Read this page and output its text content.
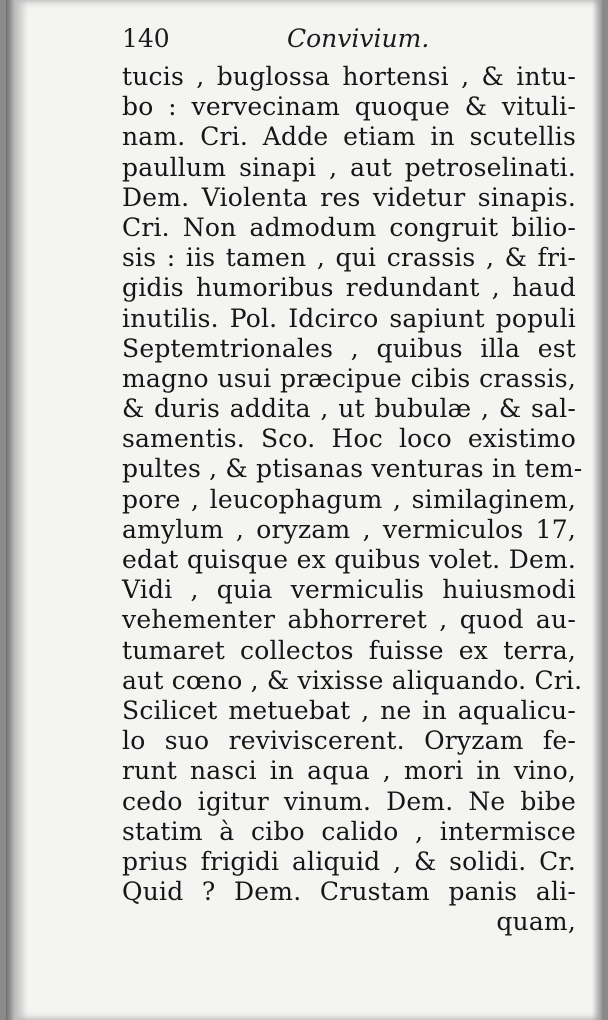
140	Convivium.
tucis , buglossa hortensi , & intu-
bo : vervecinam quoque & vituli-
nam. Cri. Adde etiam in scutellis
paullum sinapi , aut petroselinati.
Dem. Violenta res videtur sinapis.
Cri. Non admodum congruit bilio-
sis : iis tamen , qui crassis , & fri-
gidis humoribus redundant , haud
inutilis. Pol. Idcirco sapiunt populi
Septemtrionales , quibus illa est
magno usui præcipue cibis crassis,
& duris addita , ut bubulæ , & sal-
samentis. Sco. Hoc loco existimo
pultes , & ptisanas venturas in tem-
pore , leucophagum , similaginem,
amylum , oryzam , vermiculos 17,
edat quisque ex quibus volet. Dem.
Vidi , quia vermiculis huiusmodi
vehementer abhorreret , quod au-
tumaret collectos fuisse ex terra,
aut cœno , & vixisse aliquando. Cri.
Scilicet metuebat , ne in aqualicu-
lo suo reviviscerent. Oryzam fe-
runt nasci in aqua , mori in vino,
cedo igitur vinum. Dem. Ne bibe
statim à cibo calido , intermisce
prius frigidi aliquid , & solidi. Cr.
Quid ? Dem. Crustam panis ali-
quam,
